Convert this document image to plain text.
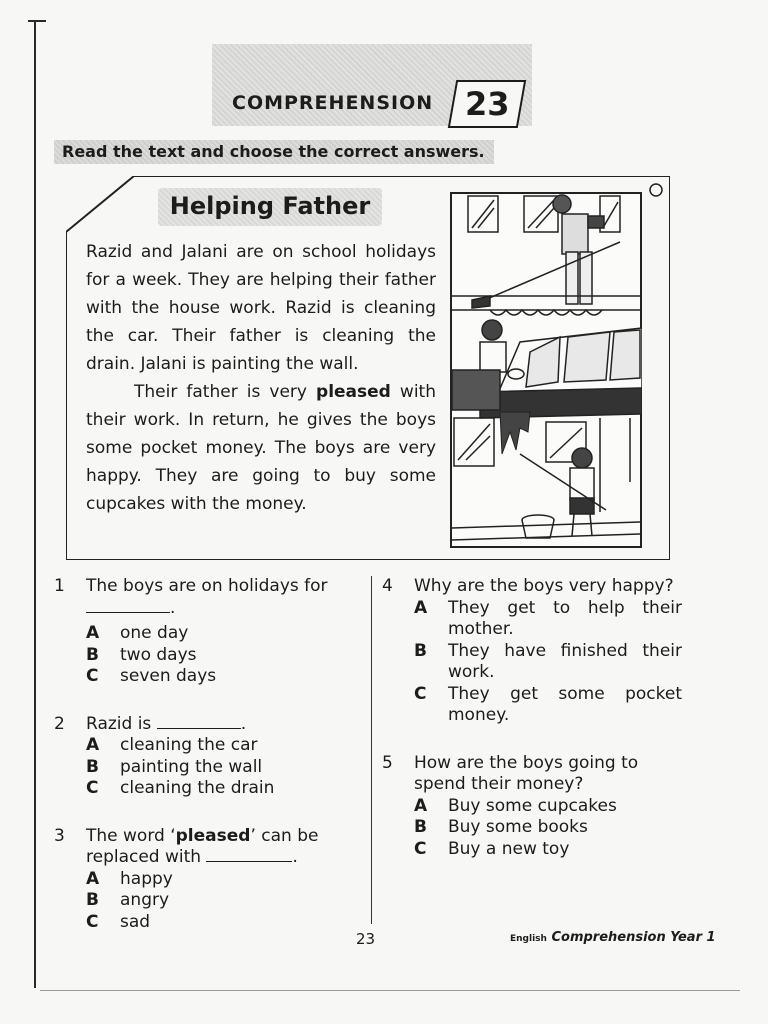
COMPREHENSION 23
Read the text and choose the correct answers.
Helping Father

Razid and Jalani are on school holidays for a week. They are helping their father with the house work. Razid is cleaning the car. Their father is cleaning the drain. Jalani is painting the wall.

Their father is very pleased with their work. In return, he gives the boys some pocket money. The boys are very happy. They are going to buy some cupcakes with the money.

1 The boys are on holidays for
.
A one day
B two days
C seven days
2 Razid is	.
A cleaning the car
B painting the wall
C cleaning the drain
3 The word ‘pleased’ can be replaced with	.
A happy
B angry
C sad
4 Why are the boys very happy?
A They get to help their mother.
B They have finished their work.
C They get some pocket money.
5 How are the boys going to spend their money?
A Buy some cupcakes
B Buy some books
C Buy a new toy
23	English Comprehension Year 1
